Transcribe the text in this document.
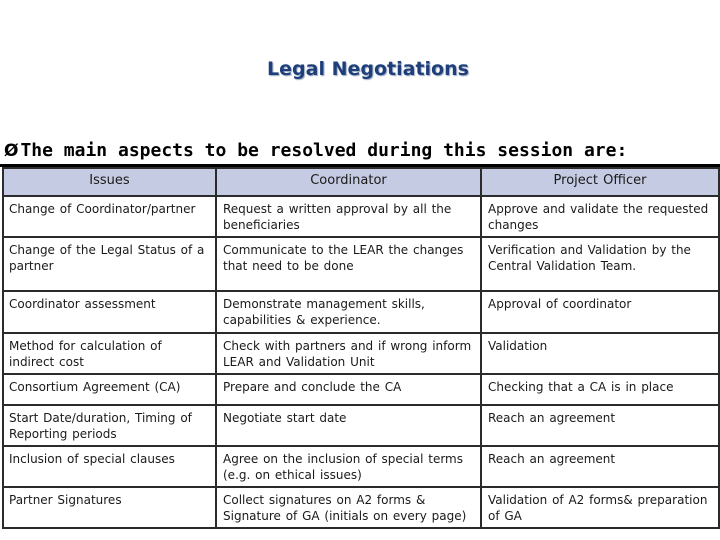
Legal Negotiations
Ø The main aspects to be resolved during this session are:
Issues	Coordinator	Project Officer
Change of Coordinator/partner	Request a written approval by all the beneficiaries	Approve and validate the requested changes
Change of the Legal Status of a partner	Communicate to the LEAR the changes that need to be done	Verification and Validation by the Central Validation Team.
Coordinator assessment	Demonstrate management skills, capabilities & experience.	Approval of coordinator
Method for calculation of indirect cost	Check with partners and if wrong inform LEAR and Validation Unit	Validation
Consortium Agreement (CA)	Prepare and conclude the CA	Checking that a CA is in place
Start Date/duration, Timing of Reporting periods	Negotiate start date	Reach an agreement
Inclusion of special clauses	Agree on the inclusion of special terms (e.g. on ethical issues)	Reach an agreement
Partner Signatures	Collect signatures on A2 forms & Signature of GA (initials on every page)	Validation of A2 forms& preparation of GA
